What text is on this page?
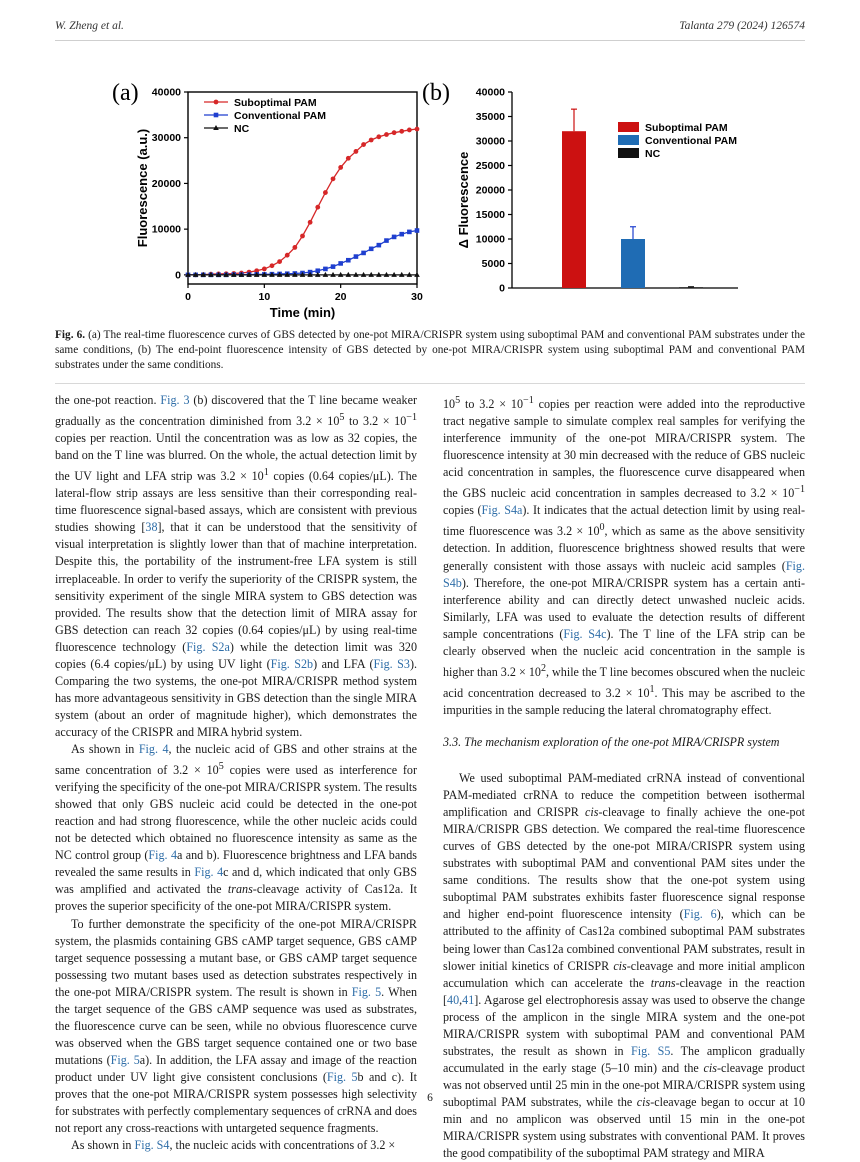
W. Zheng et al.	Talanta 279 (2024) 126574
(a)
0
10000
20000
30000
40000
0	10	20	30
Time (min)
Fluorescence (a.u.)
Suboptimal PAM
Conventional PAM
NC
(b)
0
5000
10000
15000
20000
25000
30000
35000
40000
Δ Fluorescence
Suboptimal PAM
Conventional PAM
NC
Fig. 6. (a) The real-time fluorescence curves of GBS detected by one-pot MIRA/CRISPR system using suboptimal PAM and conventional PAM substrates under the same conditions, (b) The end-point fluorescence intensity of GBS detected by one-pot MIRA/CRISPR system using suboptimal PAM and conventional PAM substrates under the same conditions.

the one-pot reaction. Fig. 3 (b) discovered that the T line became weaker gradually as the concentration diminished from $3.2 \times 10^5$ to $3.2 \times 10^{-1}$ copies per reaction. Until the concentration was as low as 32 copies, the band on the T line was blurred. On the whole, the actual detection limit by the UV light and LFA strip was $3.2 \times 10^1$ copies (0.64 copies/μL). The lateral-flow strip assays are less sensitive than their corresponding real-time fluorescence signal-based assays, which are consistent with previous studies showing [38], that it can be understood that the sensitivity of visual interpretation is slightly lower than that of machine interpretation. Despite this, the portability of the instrument-free LFA system is still irreplaceable. In order to verify the superiority of the CRISPR system, the sensitivity experiment of the single MIRA system to GBS detection was provided. The results show that the detection limit of MIRA assay for GBS detection can reach 32 copies (0.64 copies/μL) by using real-time fluorescence technology (Fig. S2a) while the detection limit was 320 copies (6.4 copies/μL) by using UV light (Fig. S2b) and LFA (Fig. S3). Comparing the two systems, the one-pot MIRA/CRISPR method system has more advantageous sensitivity in GBS detection than the single MIRA system (about an order of magnitude higher), which demonstrates the accuracy of the CRISPR and MIRA hybrid system.

As shown in Fig. 4, the nucleic acid of GBS and other strains at the same concentration of $3.2 \times 10^5$ copies were used as interference for verifying the specificity of the one-pot MIRA/CRISPR system. The results showed that only GBS nucleic acid could be detected in the one-pot reaction and had strong fluorescence, while the other nucleic acids could not be detected which obtained no fluorescence intensity as same as the NC control group (Fig. 4a and b). Fluorescence brightness and LFA bands revealed the same results in Fig. 4c and d, which indicated that only GBS was amplified and activated the trans-cleavage activity of Cas12a. It proves the superior specificity of the one-pot MIRA/CRISPR system.

To further demonstrate the specificity of the one-pot MIRA/CRISPR system, the plasmids containing GBS cAMP target sequence, GBS cAMP target sequence possessing a mutant base, or GBS cAMP target sequence possessing two mutant bases used as detection substrates respectively in the one-pot MIRA/CRISPR system. The result is shown in Fig. 5. When the target sequence of the GBS cAMP sequence was used as substrates, the fluorescence curve can be seen, while no obvious fluorescence curve was observed when the GBS target sequence contained one or two base mutations (Fig. 5a). In addition, the LFA assay and image of the reaction product under UV light give consistent conclusions (Fig. 5b and c). It proves that the one-pot MIRA/CRISPR system possesses high selectivity for substrates with perfectly complementary sequences of crRNA and does not report any cross-reactions with untargeted sequence fragments.

As shown in Fig. S4, the nucleic acids with concentrations of 3.2 ×

$10^5$ to $3.2 \times 10^{-1}$ copies per reaction were added into the reproductive tract negative sample to simulate complex real samples for verifying the interference immunity of the one-pot MIRA/CRISPR system. The fluorescence intensity at 30 min decreased with the reduce of GBS nucleic acid concentration in samples, the fluorescence curve disappeared when the GBS nucleic acid concentration in samples decreased to $3.2 \times 10^{-1}$ copies (Fig. S4a). It indicates that the actual detection limit by using real-time fluorescence was $3.2 \times 10^0$, which as same as the above sensitivity detection. In addition, fluorescence brightness showed results that were generally consistent with those assays with nucleic acid samples (Fig. S4b). Therefore, the one-pot MIRA/CRISPR system has a certain anti-interference ability and can directly detect unwashed nucleic acids. Similarly, LFA was used to evaluate the detection results of different sample concentrations (Fig. S4c). The T line of the LFA strip can be clearly observed when the nucleic acid concentration in the sample is higher than $3.2 \times 10^2$, while the T line becomes obscured when the nucleic acid concentration decreased to $3.2 \times 10^1$. This may be ascribed to the impurities in the sample reducing the lateral chromatography effect.

3.3. The mechanism exploration of the one-pot MIRA/CRISPR system

We used suboptimal PAM-mediated crRNA instead of conventional PAM-mediated crRNA to reduce the competition between isothermal amplification and CRISPR cis-cleavage to finally achieve the one-pot MIRA/CRISPR GBS detection. We compared the real-time fluorescence curves of GBS detected by the one-pot MIRA/CRISPR system using substrates with suboptimal PAM and conventional PAM sites under the same conditions. The results show that the one-pot system using suboptimal PAM substrates exhibits faster fluorescence signal response and higher end-point fluorescence intensity (Fig. 6), which can be attributed to the affinity of Cas12a combined suboptimal PAM substrates being lower than Cas12a combined conventional PAM substrates, result in slower initial kinetics of CRISPR cis-cleavage and more initial amplicon accumulation which can accelerate the trans-cleavage in the reaction [40,41]. Agarose gel electrophoresis assay was used to observe the change process of the amplicon in the single MIRA system and the one-pot MIRA/CRISPR system with suboptimal PAM and conventional PAM substrates, the result as shown in Fig. S5. The amplicon gradually accumulated in the early stage (5–10 min) and the cis-cleavage product was not observed until 25 min in the one-pot MIRA/CRISPR system using suboptimal PAM substrates, while the cis-cleavage began to occur at 10 min and no amplicon was observed until 15 min in the one-pot MIRA/CRISPR system using substrates with conventional PAM. It proves the good compatibility of the suboptimal PAM strategy and MIRA

6
